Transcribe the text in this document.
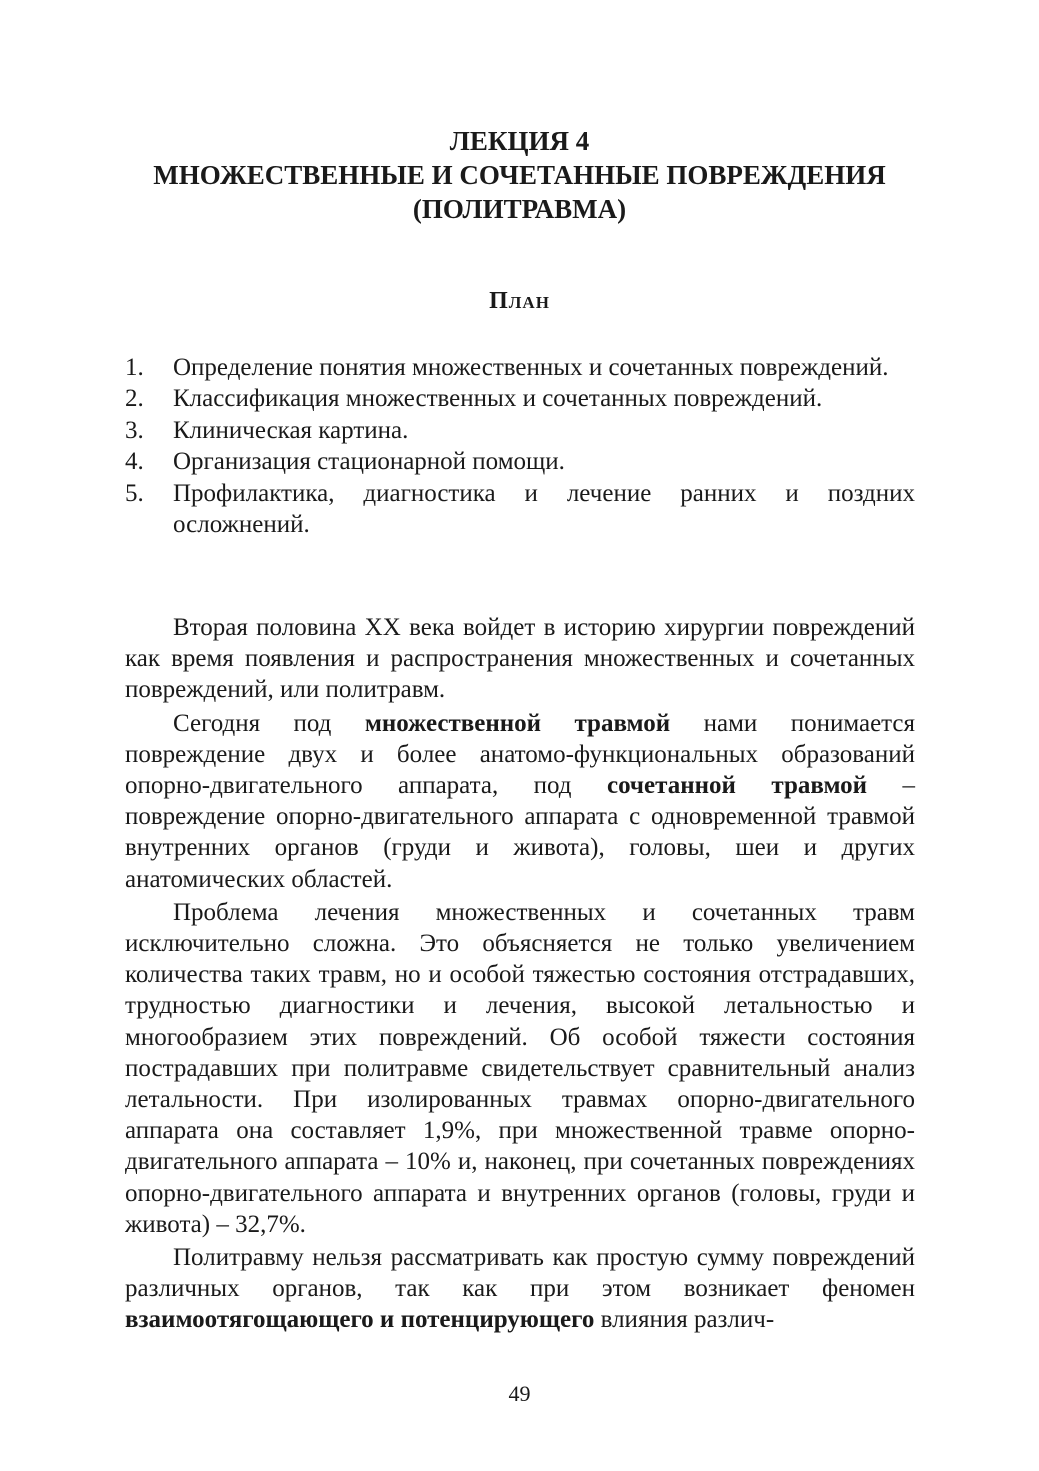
ЛЕКЦИЯ 4
МНОЖЕСТВЕННЫЕ И СОЧЕТАННЫЕ ПОВРЕЖДЕНИЯ
(ПОЛИТРАВМА)
План
1. Определение понятия множественных и сочетанных повреждений.
2. Классификация множественных и сочетанных повреждений.
3. Клиническая картина.
4. Организация стационарной помощи.
5. Профилактика, диагностика и лечение ранних и поздних осложнений.

Вторая половина XX века войдет в историю хирургии повреждений как время появления и распространения множественных и сочетанных повреждений, или политравм.

Сегодня под множественной травмой нами понимается повреждение двух и более анатомо-функциональных образований опорно-двигательного аппарата, под сочетанной травмой – повреждение опорно-двигательного аппарата с одновременной травмой внутренних органов (груди и живота), головы, шеи и других анатомических областей.

Проблема лечения множественных и сочетанных травм исключительно сложна. Это объясняется не только увеличением количества таких травм, но и особой тяжестью состояния отстрадавших, трудностью диагностики и лечения, высокой летальностью и многообразием этих повреждений. Об особой тяжести состояния пострадавших при политравме свидетельствует сравнительный анализ летальности. При изолированных травмах опорно-двигательного аппарата она составляет 1,9%, при множественной травме опорно-двигательного аппарата – 10% и, наконец, при сочетанных повреждениях опорно-двигательного аппарата и внутренних органов (головы, груди и живота) – 32,7%.

Политравму нельзя рассматривать как простую сумму повреждений различных органов, так как при этом возникает феномен взаимоотягощающего и потенцирующего влияния различ-

49
